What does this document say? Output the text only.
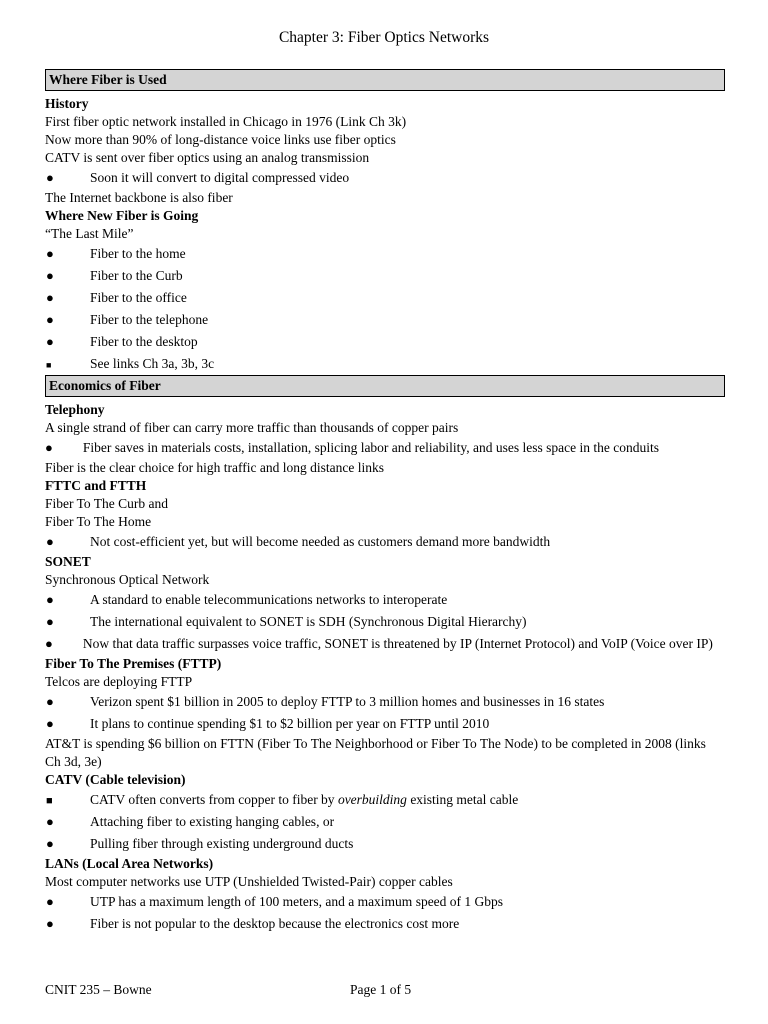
Chapter 3: Fiber Optics Networks
Where Fiber is Used
History
First fiber optic network installed in Chicago in 1976 (Link Ch 3k)
Now more than 90% of long-distance voice links use fiber optics
CATV is sent over fiber optics using an analog transmission
●	Soon it will convert to digital compressed video
The Internet backbone is also fiber
Where New Fiber is Going
“The Last Mile”
●	Fiber to the home
●	Fiber to the Curb
●	Fiber to the office
●	Fiber to the telephone
●	Fiber to the desktop
■	See links Ch 3a, 3b, 3c
Economics of Fiber
Telephony
A single strand of fiber can carry more traffic than thousands of copper pairs
● Fiber saves in materials costs, installation, splicing labor and reliability, and uses less space in the conduits
Fiber is the clear choice for high traffic and long distance links
FTTC and FTTH
Fiber To The Curb and
Fiber To The Home
●	Not cost-efficient yet, but will become needed as customers demand more bandwidth
SONET
Synchronous Optical Network
●	A standard to enable telecommunications networks to interoperate
●	The international equivalent to SONET is SDH (Synchronous Digital Hierarchy)
● Now that data traffic surpasses voice traffic, SONET is threatened by IP (Internet Protocol) and VoIP (Voice over IP)
Fiber To The Premises (FTTP)
Telcos are deploying FTTP
●	Verizon spent $1 billion in 2005 to deploy FTTP to 3 million homes and businesses in 16 states
●	It plans to continue spending $1 to $2 billion per year on FTTP until 2010
AT&T is spending $6 billion on FTTN (Fiber To The Neighborhood or Fiber To The Node) to be completed in 2008 (links Ch 3d, 3e)
CATV (Cable television)
■	CATV often converts from copper to fiber by overbuilding existing metal cable
●	Attaching fiber to existing hanging cables, or
●	Pulling fiber through existing underground ducts
LANs (Local Area Networks)
Most computer networks use UTP (Unshielded Twisted-Pair) copper cables
●	UTP has a maximum length of 100 meters, and a maximum speed of 1 Gbps
●	Fiber is not popular to the desktop because the electronics cost more
CNIT 235 – Bowne	Page 1 of 5
